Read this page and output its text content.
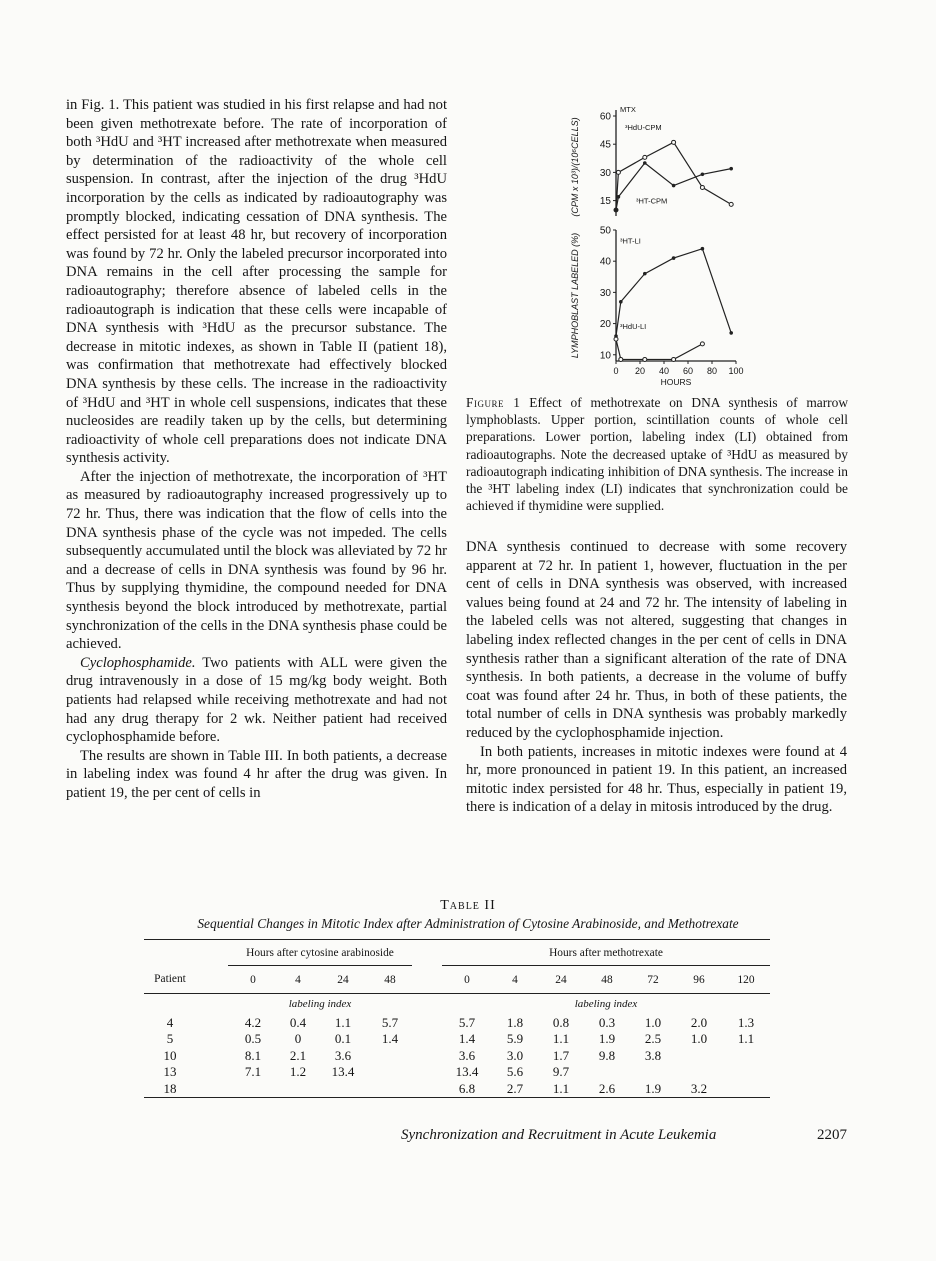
in Fig. 1. This patient was studied in his first relapse and had not been given methotrexate before. The rate of incorporation of both ³HdU and ³HT increased after methotrexate when measured by determination of the radioactivity of the whole cell suspension. In contrast, after the injection of the drug ³HdU incorporation by the cells as indicated by radioautography was promptly blocked, indicating cessation of DNA synthesis. The effect persisted for at least 48 hr, but recovery of incorporation was found by 72 hr. Only the labeled precursor incorporated into DNA remains in the cell after processing the sample for radioautography; therefore absence of labeled cells in the radioautograph is indication that these cells were incapable of DNA synthesis with ³HdU as the precursor substance. The decrease in mitotic indexes, as shown in Table II (patient 18), was confirmation that methotrexate had effectively blocked DNA synthesis by these cells. The increase in the radioactivity of ³HdU and ³HT in whole cell suspensions, indicates that these nucleosides are readily taken up by the cells, but determining radioactivity of whole cell preparations does not indicate DNA synthesis activity.

After the injection of methotrexate, the incorporation of ³HT as measured by radioautography increased progressively up to 72 hr. Thus, there was indication that the flow of cells into the DNA synthesis phase of the cycle was not impeded. The cells subsequently accumulated until the block was alleviated by 72 hr and a decrease of cells in DNA synthesis was found by 96 hr. Thus by supplying thymidine, the compound needed for DNA synthesis beyond the block introduced by methotrexate, partial synchronization of the cells in the DNA synthesis phase could be achieved.

Cyclophosphamide. Two patients with ALL were given the drug intravenously in a dose of 15 mg/kg body weight. Both patients had relapsed while receiving methotrexate and had not had any drug therapy for 2 wk. Neither patient had received cyclophosphamide before.

The results are shown in Table III. In both patients, a decrease in labeling index was found 4 hr after the drug was given. In patient 19, the per cent of cells in

15
30
45
60
MTX
(CPM x 10³)/(10⁶CELLS)	³HdU-CPM
³HT-CPM
10
20
30
40
50
0 20 40 60 80 100
HOURS
LYMPHOBLAST LABELED (%)	³HT-LI
³HdU-LI
Figure 1 Effect of methotrexate on DNA synthesis of marrow lymphoblasts. Upper portion, scintillation counts of whole cell preparations. Lower portion, labeling index (LI) obtained from radioautographs. Note the decreased uptake of ³HdU as measured by radioautograph indicating inhibition of DNA synthesis. The increase in the ³HT labeling index (LI) indicates that synchronization could be achieved if thymidine were supplied.

DNA synthesis continued to decrease with some recovery apparent at 72 hr. In patient 1, however, fluctuation in the per cent of cells in DNA synthesis was observed, with increased values being found at 24 and 72 hr. The intensity of labeling in the labeled cells was not altered, suggesting that changes in labeling index reflected changes in the per cent of cells in DNA synthesis rather than a significant alteration of the rate of DNA synthesis. In both patients, a decrease in the volume of buffy coat was found after 24 hr. Thus, in both of these patients, the total number of cells in DNA synthesis was probably markedly reduced by the cyclophosphamide injection.

In both patients, increases in mitotic indexes were found at 4 hr, more pronounced in patient 19. In this patient, an increased mitotic index persisted for 48 hr. Thus, especially in patient 19, there is indication of a delay in mitosis introduced by the drug.

Table II
Sequential Changes in Mitotic Index after Administration of Cytosine Arabinoside, and Methotrexate
		Hours after cytosine arabinoside					Hours after methotrexate						
Patient		0	4	24	48		0	4	24	48	72	96	120
		labeling index					labeling index						
4		4.2	0.4	1.1	5.7		5.7	1.8	0.8	0.3	1.0	2.0	1.3
5		0.5	0	0.1	1.4		1.4	5.9	1.1	1.9	2.5	1.0	1.1
10		8.1	2.1	3.6			3.6	3.0	1.7	9.8	3.8		
13		7.1	1.2	13.4			13.4	5.6	9.7				
18							6.8	2.7	1.1	2.6	1.9	3.2	
Synchronization and Recruitment in Acute Leukemia	2207
